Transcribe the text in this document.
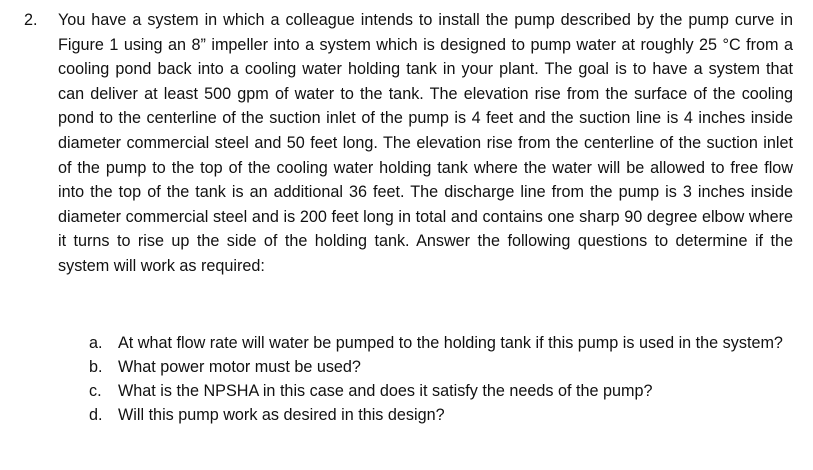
2.	You have a system in which a colleague intends to install the pump described by the pump curve in Figure 1 using an 8” impeller into a system which is designed to pump water at roughly 25 °C from a cooling pond back into a cooling water holding tank in your plant. The goal is to have a system that can deliver at least 500 gpm of water to the tank. The elevation rise from the surface of the cooling pond to the centerline of the suction inlet of the pump is 4 feet and the suction line is 4 inches inside diameter commercial steel and 50 feet long. The elevation rise from the centerline of the suction inlet of the pump to the top of the cooling water holding tank where the water will be allowed to free flow into the top of the tank is an additional 36 feet. The discharge line from the pump is 3 inches inside diameter commercial steel and is 200 feet long in total and contains one sharp 90 degree elbow where it turns to rise up the side of the holding tank. Answer the following questions to determine if the system will work as required:

a. At what flow rate will water be pumped to the holding tank if this pump is used in the system?
b. What power motor must be used?
c.	What is the NPSHA in this case and does it satisfy the needs of the pump?
d. Will this pump work as desired in this design?
